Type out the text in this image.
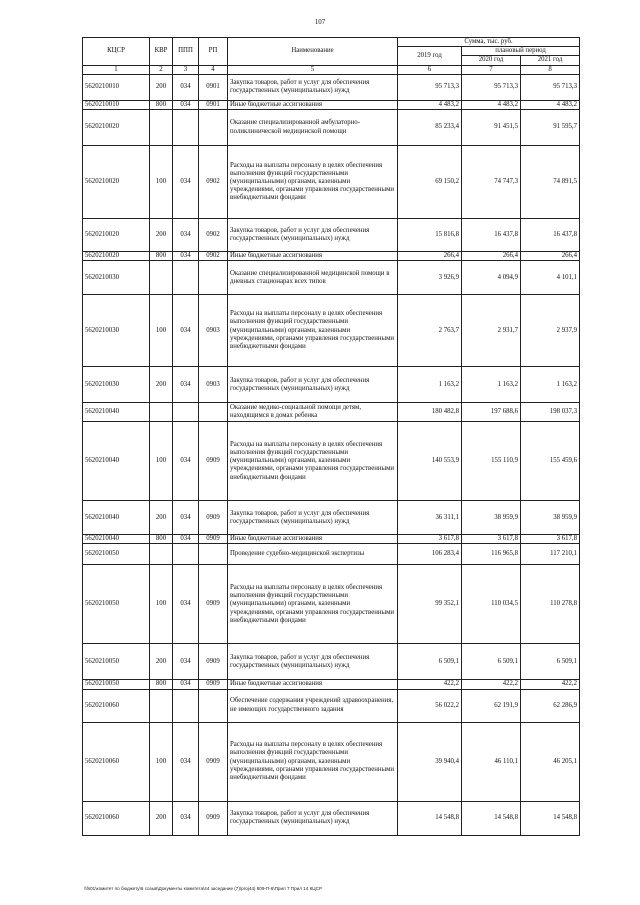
107
КЦСР	КВР	ППП	РП	Наименование	Сумма, тыс. руб.		
					2019 год	плановый период	
						2020 год	2021 год
1	2	3	4	5	6	7	8
5620210010	200	034	0901	Закупка товаров, работ и услуг для обеспечения государственных (муниципальных) нужд	95 713,3	95 713,3	95 713,3
5620210010	800	034	0901	Иные бюджетные ассигнования	4 483,2	4 483,2	4 483,2
5620210020				Оказание специализированной амбулаторно-поликлинической медицинской помощи	85 233,4	91 451,5	91 595,7
5620210020	100	034	0902	Расходы на выплаты персоналу в целях обеспечения выполнения функций государственными (муниципальными) органами, казенными учреждениями, органами управления государственными внебюджетными фондами	69 150,2	74 747,3	74 891,5
5620210020	200	034	0902	Закупка товаров, работ и услуг для обеспечения государственных (муниципальных) нужд	15 816,8	16 437,8	16 437,8
5620210020	800	034	0902	Иные бюджетные ассигнования	266,4	266,4	266,4
5620210030				Оказание специализированной медицинской помощи в дневных стационарах всех типов	3 926,9	4 094,9	4 101,1
5620210030	100	034	0903	Расходы на выплаты персоналу в целях обеспечения выполнения функций государственными (муниципальными) органами, казенными учреждениями, органами управления государственными внебюджетными фондами	2 763,7	2 931,7	2 937,9
5620210030	200	034	0903	Закупка товаров, работ и услуг для обеспечения государственных (муниципальных) нужд	1 163,2	1 163,2	1 163,2
5620210040				Оказание медико-социальной помощи детям, находящимся в домах ребенка	180 482,8	197 688,6	198 037,3
5620210040	100	034	0909	Расходы на выплаты персоналу в целях обеспечения выполнения функций государственными (муниципальными) органами, казенными учреждениями, органами управления государственными внебюджетными фондами	140 553,9	155 110,9	155 459,6
5620210040	200	034	0909	Закупка товаров, работ и услуг для обеспечения государственных (муниципальных) нужд	36 311,1	38 959,9	38 959,9
5620210040	800	034	0909	Иные бюджетные ассигнования	3 617,8	3 617,8	3 617,8
5620210050				Проведение судебно-медицинской экспертизы	106 283,4	116 965,8	117 210,1
5620210050	100	034	0909	Расходы на выплаты персоналу в целях обеспечения выполнения функций государственными (муниципальными) органами, казенными учреждениями, органами управления государственными внебюджетными фондами	99 352,1	110 034,5	110 278,8
5620210050	200	034	0909	Закупка товаров, работ и услуг для обеспечения государственных (муниципальных) нужд	6 509,1	6 509,1	6 509,1
5620210050	800	034	0909	Иные бюджетные ассигнования	422,2	422,2	422,2
5620210060				Обеспечение содержания учреждений здравоохранения, не имеющих государственного задания	56 022,2	62 191,9	62 286,9
5620210060	100	034	0909	Расходы на выплаты персоналу в целях обеспечения выполнения функций государственными (муниципальными) органами, казенными учреждениями, органами управления государственными внебюджетными фондами	39 940,4	46 110,1	46 205,1
5620210060	200	034	0909	Закупка товаров, работ и услуг для обеспечения государственных (муниципальных) нужд	14 548,8	14 548,8	14 548,8
\\fs01\комитет по бюджету\6 созыв\Документы комитета\44 заседание (7)\proj44) 809-П-6\Прил 7 Прил 14 КЦСР
